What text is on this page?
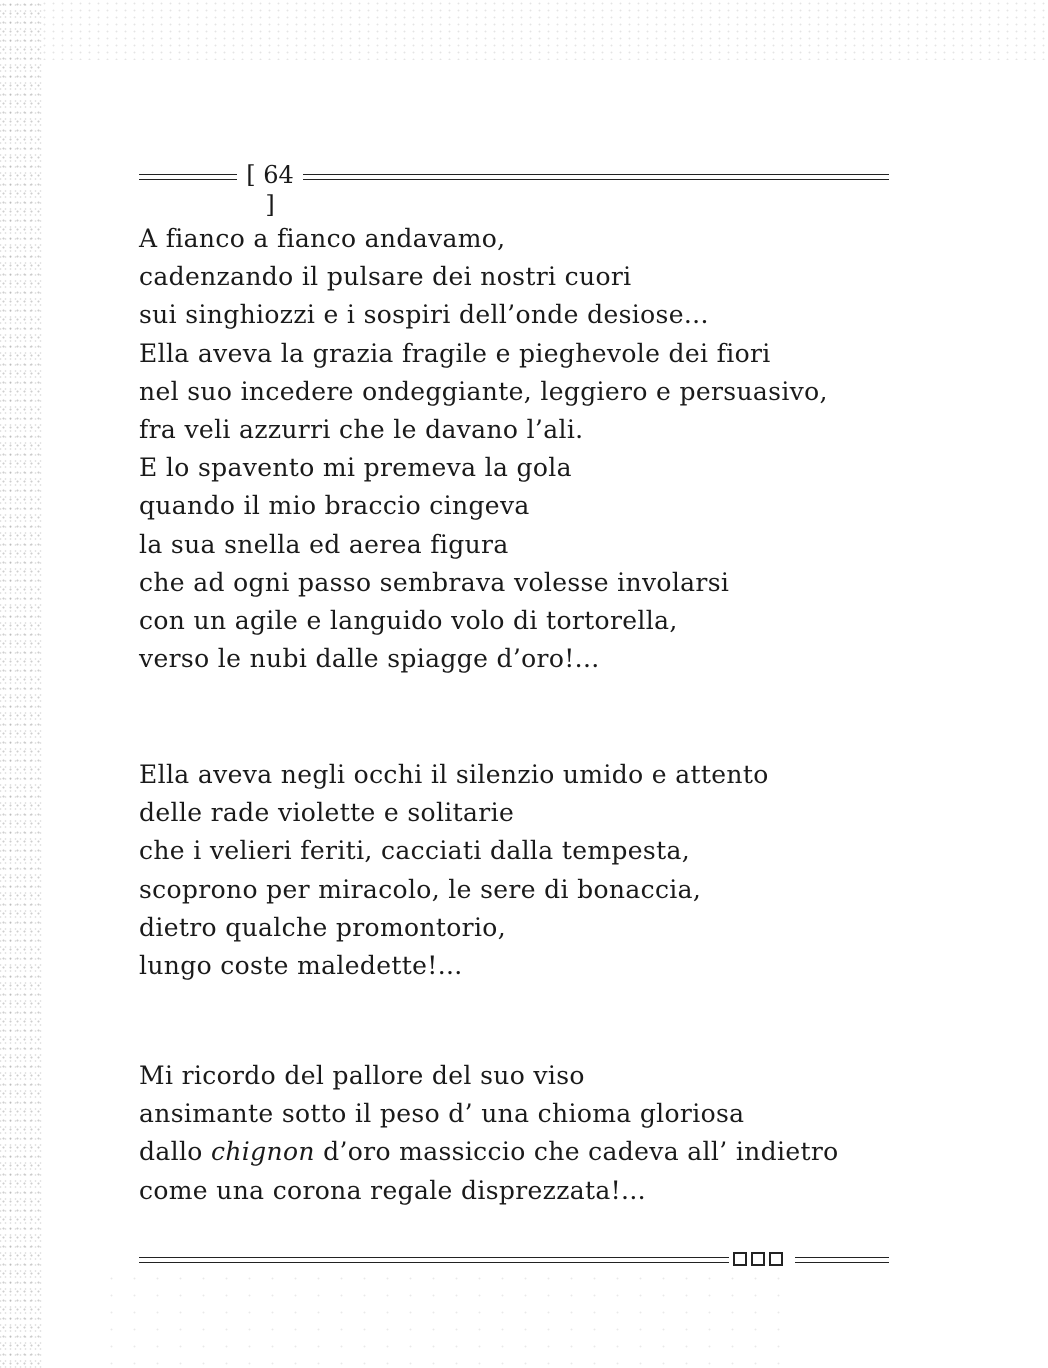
[ 64 ]
A fianco a fianco andavamo,
cadenzando il pulsare dei nostri cuori
sui singhiozzi e i sospiri dell’onde desiose...
Ella aveva la grazia fragile e pieghevole dei fiori
nel suo incedere ondeggiante, leggiero e persuasivo,
fra veli azzurri che le davano l’ali.
E lo spavento mi premeva la gola
quando il mio braccio cingeva
la sua snella ed aerea figura
che ad ogni passo sembrava volesse involarsi
con un agile e languido volo di tortorella,
verso le nubi dalle spiagge d’oro!...
Ella aveva negli occhi il silenzio umido e attento
delle rade violette e solitarie
che i velieri feriti, cacciati dalla tempesta,
scoprono per miracolo, le sere di bonaccia,
dietro qualche promontorio,
lungo coste maledette!...
Mi ricordo del pallore del suo viso
ansimante sotto il peso d’ una chioma gloriosa
dallo chignon d’oro massiccio che cadeva all’ indietro
come una corona regale disprezzata!...
